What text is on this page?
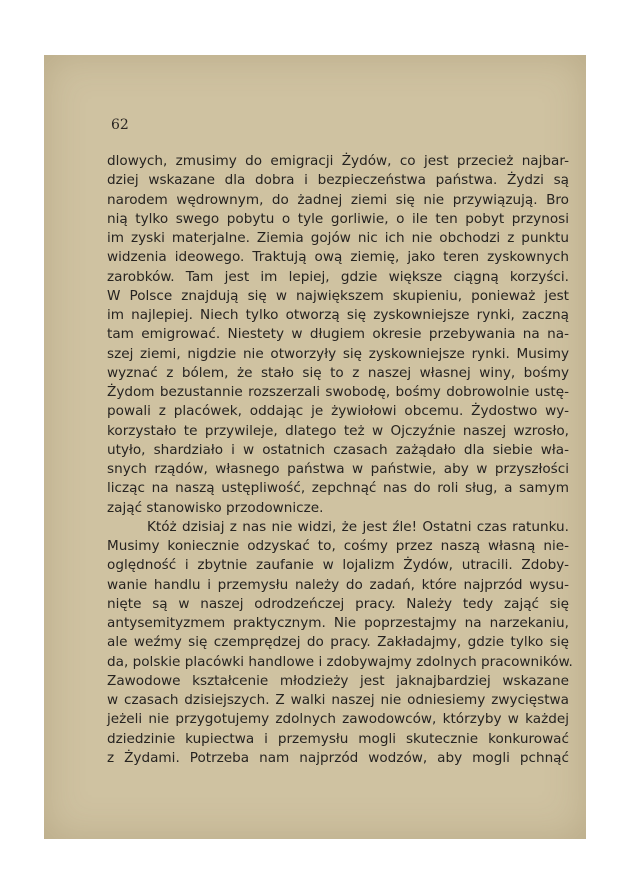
62
dlowych, zmusimy do emigracji Żydów, co jest przecież najbar-
dziej wskazane dla dobra i bezpieczeństwa państwa. Żydzi są
narodem wędrownym, do żadnej ziemi się nie przywiązują. Bro
nią tylko swego pobytu o tyle gorliwie, o ile ten pobyt przynosi
im zyski materjalne. Ziemia gojów nic ich nie obchodzi z punktu
widzenia ideowego. Traktują ową ziemię, jako teren zyskownych
zarobków. Tam jest im lepiej, gdzie większe ciągną korzyści.
W Polsce znajdują się w największem skupieniu, ponieważ jest
im najlepiej. Niech tylko otworzą się zyskowniejsze rynki, zaczną
tam emigrować. Niestety w długiem okresie przebywania na na-
szej ziemi, nigdzie nie otworzyły się zyskowniejsze rynki. Musimy
wyznać z bólem, że stało się to z naszej własnej winy, bośmy
Żydom bezustannie rozszerzali swobodę, bośmy dobrowolnie ustę-
powali z placówek, oddając je żywiołowi obcemu. Żydostwo wy-
korzystało te przywileje, dlatego też w Ojczyźnie naszej wzrosło,
utyło, shardziało i w ostatnich czasach zażądało dla siebie wła-
snych rządów, własnego państwa w państwie, aby w przyszłości
licząc na naszą ustępliwość, zepchnąć nas do roli sług, a samym
zająć stanowisko przodownicze.
Któż dzisiaj z nas nie widzi, że jest źle! Ostatni czas ratunku.
Musimy koniecznie odzyskać to, cośmy przez naszą własną nie-
oględność i zbytnie zaufanie w lojalizm Żydów, utracili. Zdoby-
wanie handlu i przemysłu należy do zadań, które najprzód wysu-
nięte są w naszej odrodzeńczej pracy. Należy tedy zająć się
antysemityzmem praktycznym. Nie poprzestajmy na narzekaniu,
ale weźmy się czemprędzej do pracy. Zakładajmy, gdzie tylko się
da, polskie placówki handlowe i zdobywajmy zdolnych pracowników.
Zawodowe kształcenie młodzieży jest jaknajbardziej wskazane
w czasach dzisiejszych. Z walki naszej nie odniesiemy zwycięstwa
jeżeli nie przygotujemy zdolnych zawodowców, którzyby w każdej
dziedzinie kupiectwa i przemysłu mogli skutecznie konkurować
z Żydami. Potrzeba nam najprzód wodzów, aby mogli pchnąć
